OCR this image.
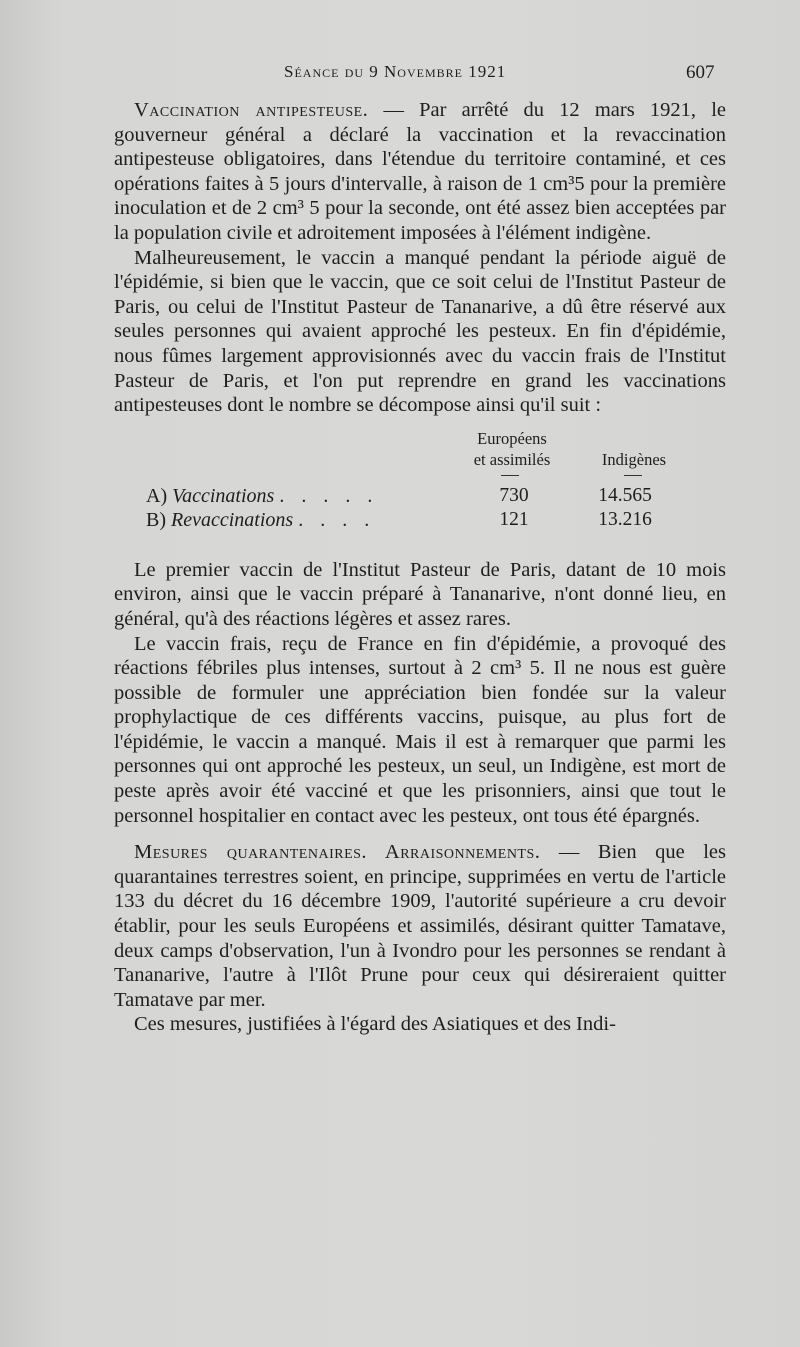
Séance du 9 Novembre 1921	607

Vaccination antipesteuse. — Par arrêté du 12 mars 1921, le gouverneur général a déclaré la vaccination et la revaccination antipesteuse obligatoires, dans l'étendue du territoire contaminé, et ces opérations faites à 5 jours d'intervalle, à raison de 1 cm³5 pour la première inoculation et de 2 cm³ 5 pour la seconde, ont été assez bien acceptées par la population civile et adroitement imposées à l'élément indigène.

Malheureusement, le vaccin a manqué pendant la période aiguë de l'épidémie, si bien que le vaccin, que ce soit celui de l'Institut Pasteur de Paris, ou celui de l'Institut Pasteur de Tananarive, a dû être réservé aux seules personnes qui avaient approché les pesteux. En fin d'épidémie, nous fûmes largement approvisionnés avec du vaccin frais de l'Institut Pasteur de Paris, et l'on put reprendre en grand les vaccinations antipesteuses dont le nombre se décompose ainsi qu'il suit :

Européens
et assimilés	Indigènes
A) Vaccinations . . . . .	730	14.565
B) Revaccinations . . . .	121	13.216

Le premier vaccin de l'Institut Pasteur de Paris, datant de 10 mois environ, ainsi que le vaccin préparé à Tananarive, n'ont donné lieu, en général, qu'à des réactions légères et assez rares.

Le vaccin frais, reçu de France en fin d'épidémie, a provoqué des réactions fébriles plus intenses, surtout à 2 cm³ 5. Il ne nous est guère possible de formuler une appréciation bien fondée sur la valeur prophylactique de ces différents vaccins, puisque, au plus fort de l'épidémie, le vaccin a manqué. Mais il est à remarquer que parmi les personnes qui ont approché les pesteux, un seul, un Indigène, est mort de peste après avoir été vacciné et que les prisonniers, ainsi que tout le personnel hospitalier en contact avec les pesteux, ont tous été épargnés.

Mesures quarantenaires. Arraisonnements. — Bien que les quarantaines terrestres soient, en principe, supprimées en vertu de l'article 133 du décret du 16 décembre 1909, l'autorité supérieure a cru devoir établir, pour les seuls Européens et assimilés, désirant quitter Tamatave, deux camps d'observation, l'un à Ivondro pour les personnes se rendant à Tananarive, l'autre à l'Ilôt Prune pour ceux qui désireraient quitter Tamatave par mer.

Ces mesures, justifiées à l'égard des Asiatiques et des Indi-
